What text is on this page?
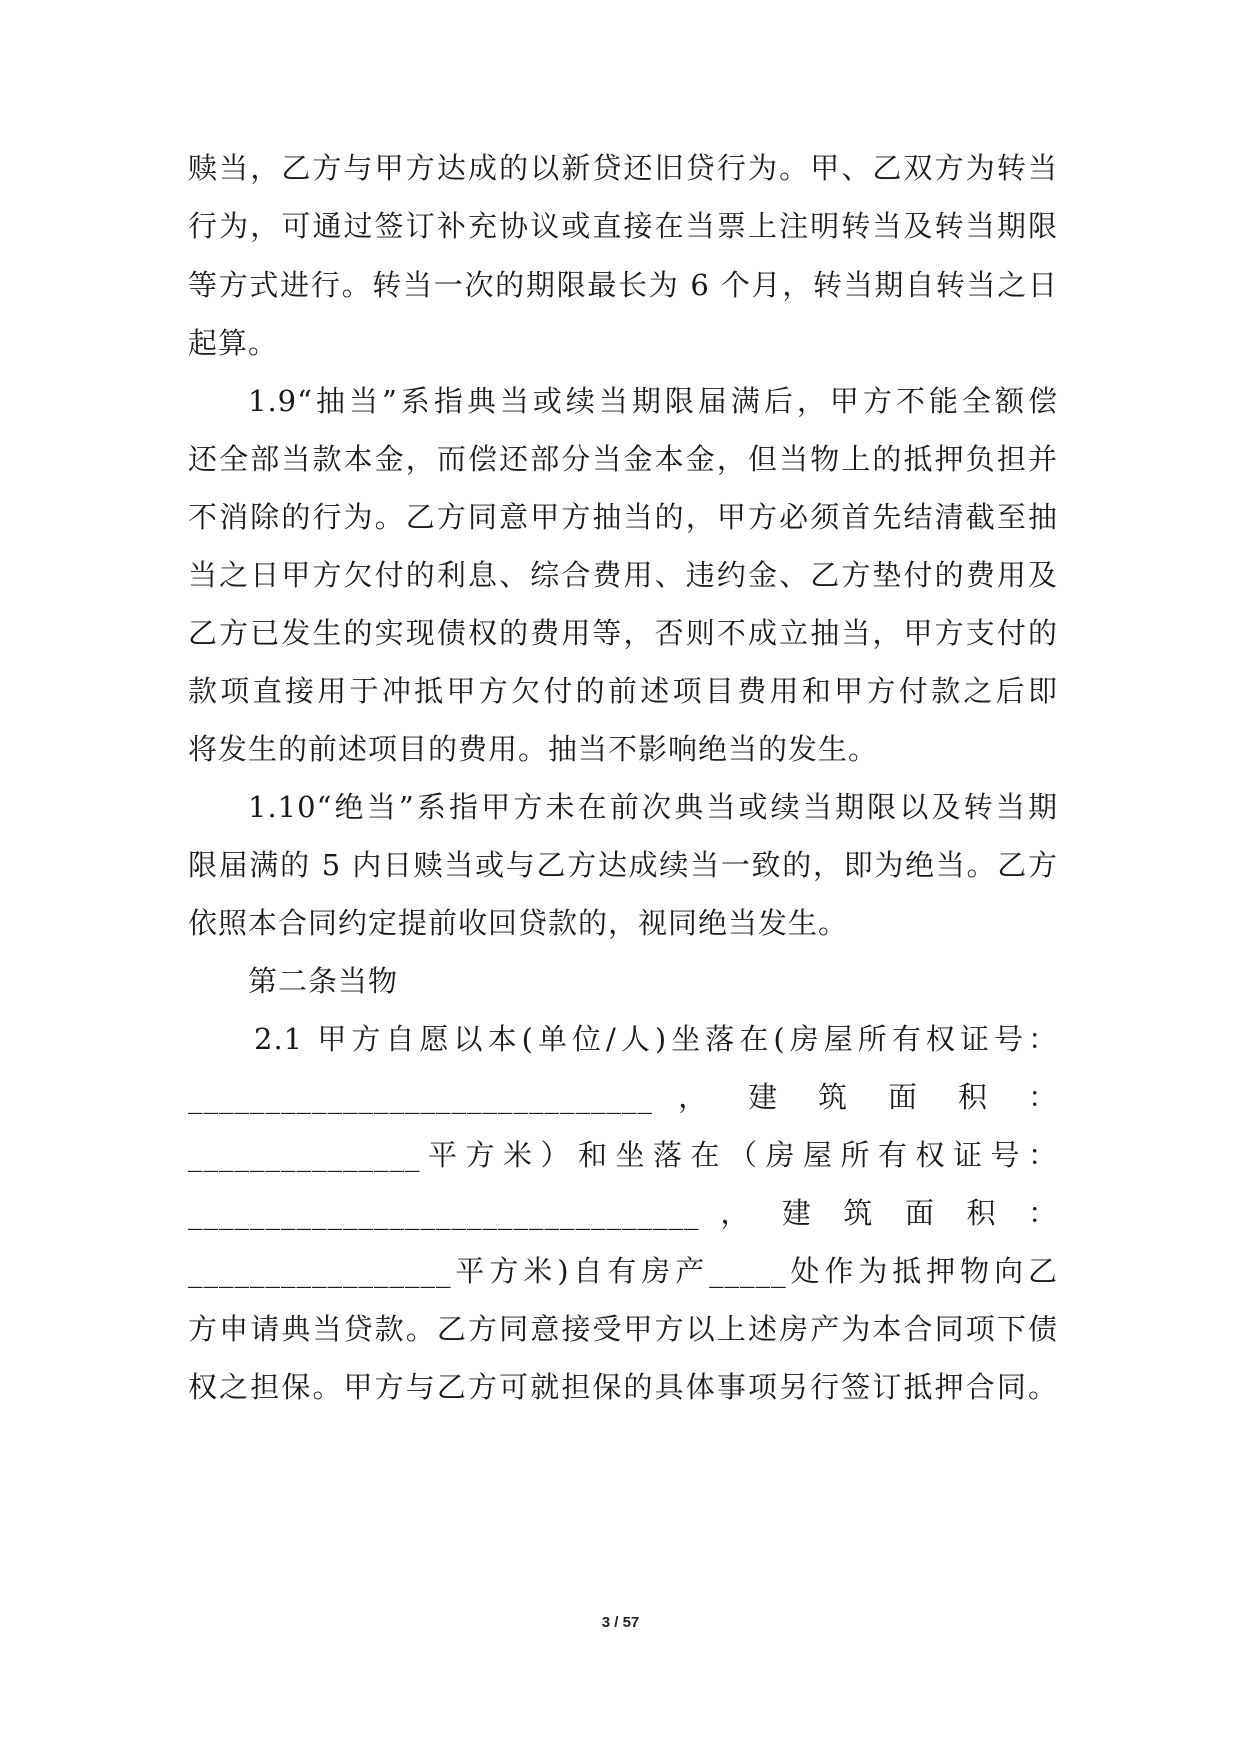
赎当，乙方与甲方达成的以新贷还旧贷行为。甲、乙双方为转当
行为，可通过签订补充协议或直接在当票上注明转当及转当期限
等方式进行。转当一次的期限最长为 6 个月，转当期自转当之日
起算。
1.9“抽当”系指典当或续当期限届满后，甲方不能全额偿
还全部当款本金，而偿还部分当金本金，但当物上的抵押负担并
不消除的行为。乙方同意甲方抽当的，甲方必须首先结清截至抽
当之日甲方欠付的利息、综合费用、违约金、乙方垫付的费用及
乙方已发生的实现债权的费用等，否则不成立抽当，甲方支付的
款项直接用于冲抵甲方欠付的前述项目费用和甲方付款之后即
将发生的前述项目的费用。抽当不影响绝当的发生。
1.10“绝当”系指甲方未在前次典当或续当期限以及转当期
限届满的 5 内日赎当或与乙方达成续当一致的，即为绝当。乙方
依照本合同约定提前收回贷款的，视同绝当发生。
第二条当物
2.1 甲方自愿以本(单位/人)坐落在(房屋所有权证号：
______________________________ ， 建 筑 面 积 ：
_______________平方米）和坐落在（房屋所有权证号：
_________________________________ ， 建 筑 面 积 ：
_________________平方米)自有房产_____处作为抵押物向乙
方申请典当贷款。乙方同意接受甲方以上述房产为本合同项下债
权之担保。甲方与乙方可就担保的具体事项另行签订抵押合同。
3 / 57
